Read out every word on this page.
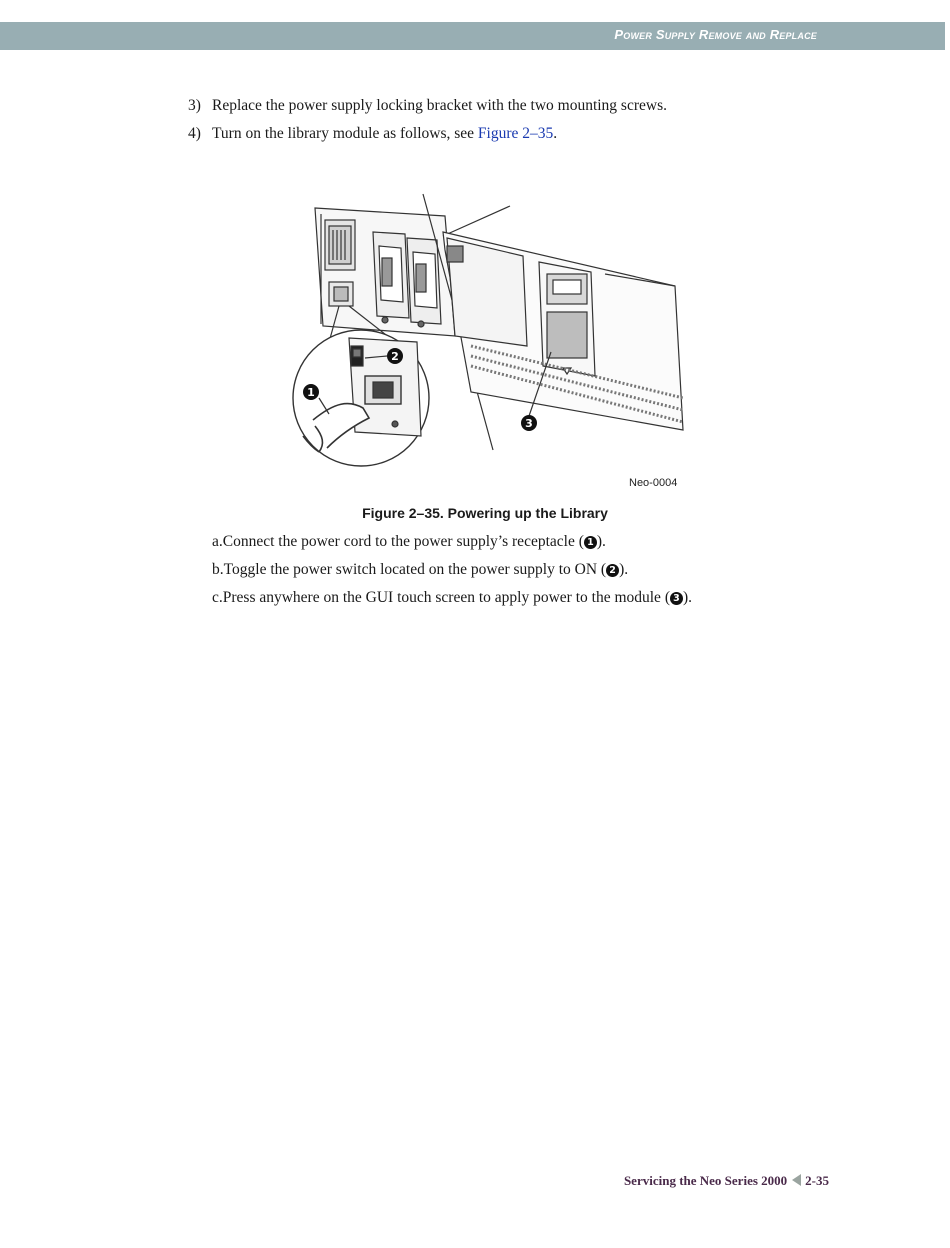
Power Supply Remove and Replace
3) Replace the power supply locking bracket with the two mounting screws.
4) Turn on the library module as follows, see Figure 2–35.
1
2
3
Neo-0004
Figure 2–35. Powering up the Library
a.Connect the power cord to the power supply’s receptacle ( 1 ).
b.Toggle the power switch located on the power supply to ON ( 2 ).
c.Press anywhere on the GUI touch screen to apply power to the module ( 3 ).
Servicing the Neo Series 2000 2-35
